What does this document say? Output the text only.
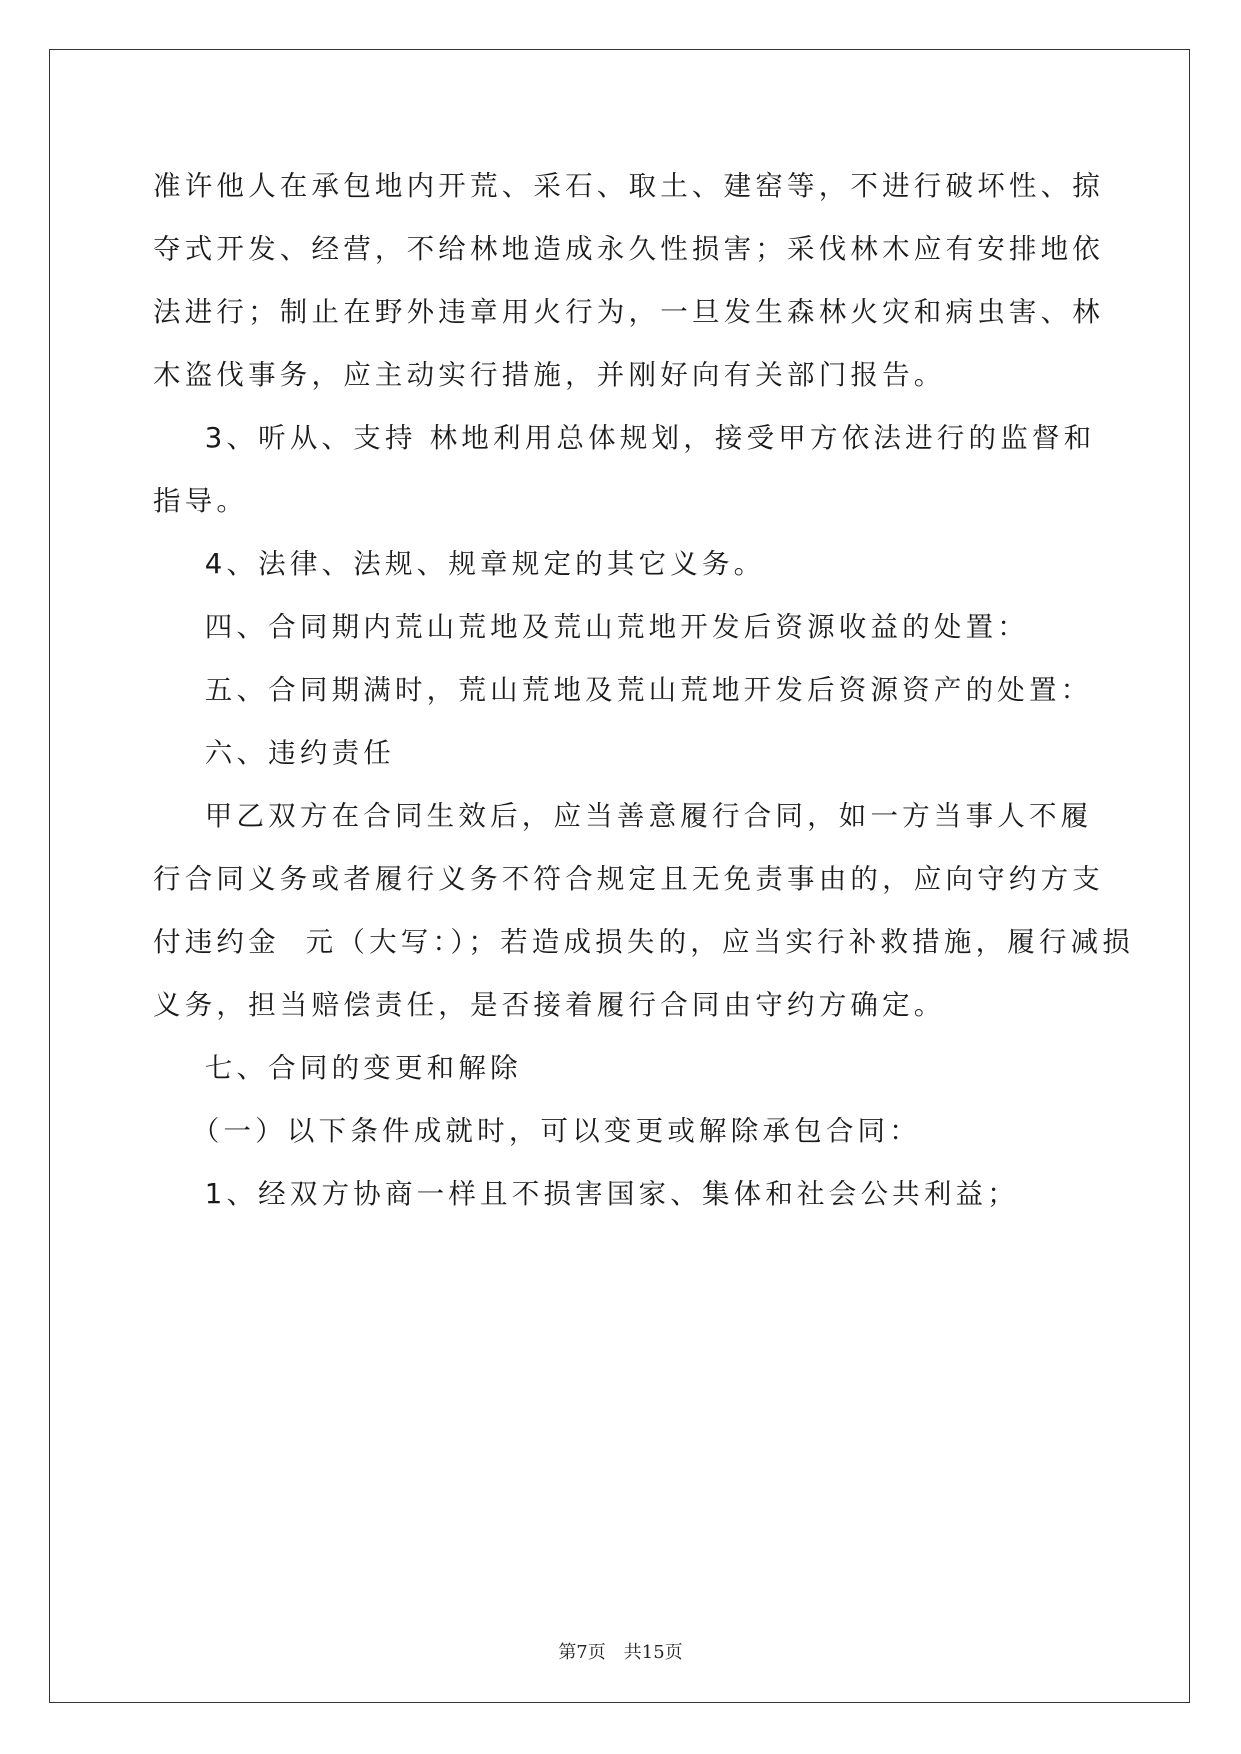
准许他人在承包地内开荒、采石、取土、建窑等，不进行破坏性、掠

夺式开发、经营，不给林地造成永久性损害；采伐林木应有安排地依

法进行；制止在野外违章用火行为，一旦发生森林火灾和病虫害、林

木盗伐事务，应主动实行措施，并刚好向有关部门报告。

3、听从、支持 林地利用总体规划，接受甲方依法进行的监督和

指导。

4、法律、法规、规章规定的其它义务。

四、合同期内荒山荒地及荒山荒地开发后资源收益的处置：

五、合同期满时，荒山荒地及荒山荒地开发后资源资产的处置：

六、违约责任

甲乙双方在合同生效后，应当善意履行合同，如一方当事人不履

行合同义务或者履行义务不符合规定且无免责事由的，应向守约方支

付违约金  元（大写：）；若造成损失的，应当实行补救措施，履行减损

义务，担当赔偿责任，是否接着履行合同由守约方确定。

七、合同的变更和解除

（一）以下条件成就时，可以变更或解除承包合同：

1、经双方协商一样且不损害国家、集体和社会公共利益；

第7页 共15页
